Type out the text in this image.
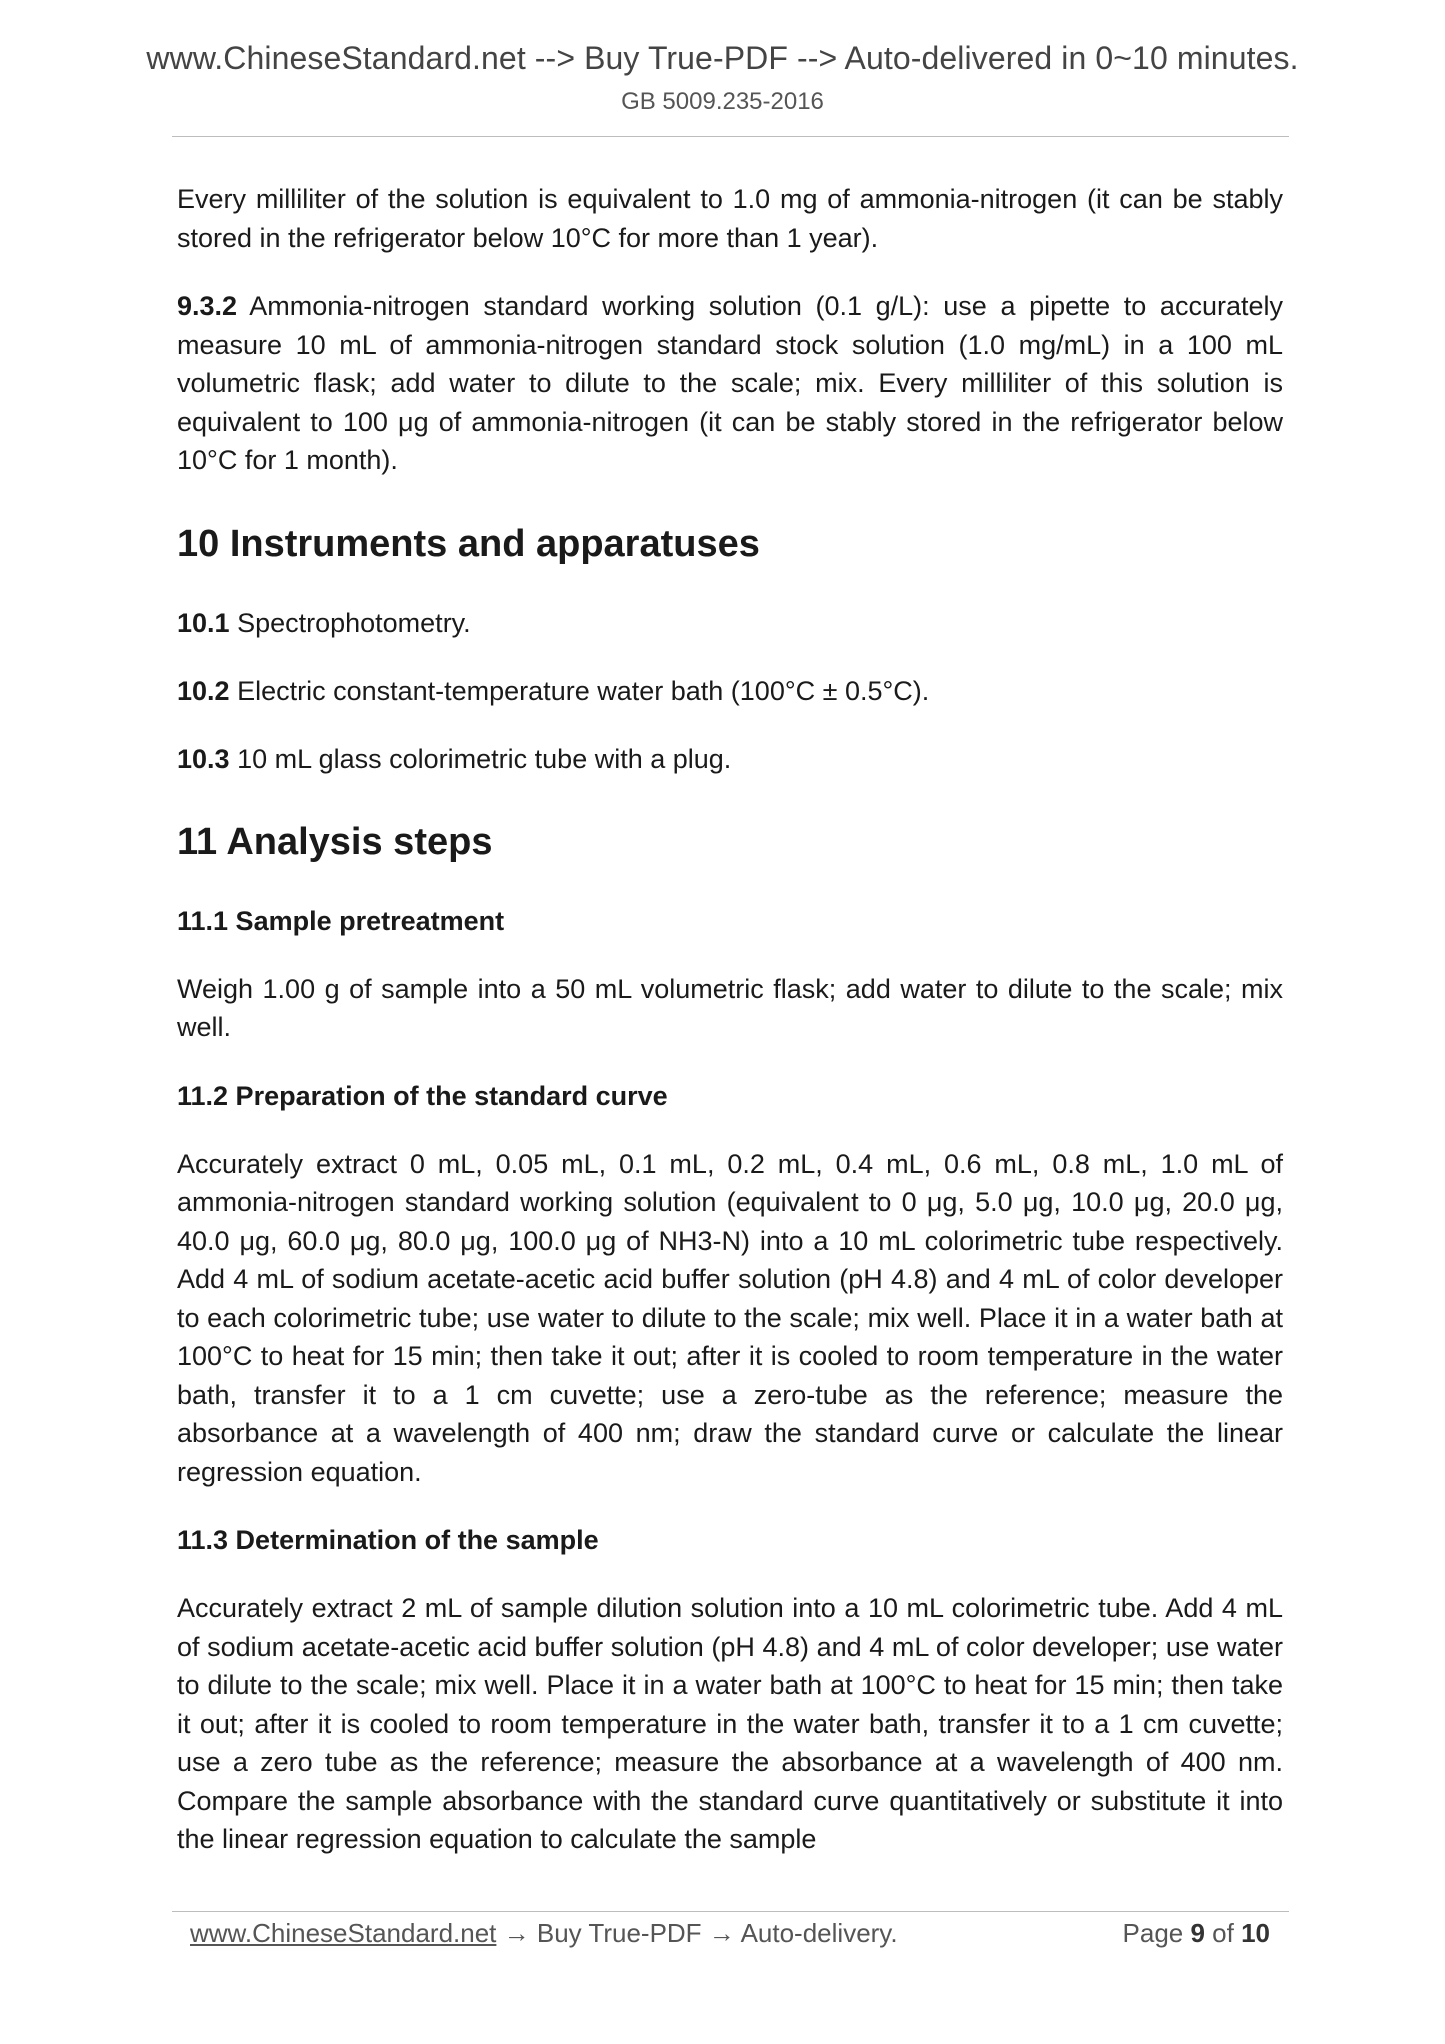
www.ChineseStandard.net --> Buy True-PDF --> Auto-delivered in 0~10 minutes.
GB 5009.235-2016

Every milliliter of the solution is equivalent to 1.0 mg of ammonia-nitrogen (it can be stably stored in the refrigerator below 10°C for more than 1 year).

9.3.2 Ammonia-nitrogen standard working solution (0.1 g/L): use a pipette to accurately measure 10 mL of ammonia-nitrogen standard stock solution (1.0 mg/mL) in a 100 mL volumetric flask; add water to dilute to the scale; mix. Every milliliter of this solution is equivalent to 100 μg of ammonia-nitrogen (it can be stably stored in the refrigerator below 10°C for 1 month).

10 Instruments and apparatuses
10.1 Spectrophotometry.
10.2 Electric constant-temperature water bath (100°C ± 0.5°C).
10.3 10 mL glass colorimetric tube with a plug.
11 Analysis steps
11.1 Sample pretreatment

Weigh 1.00 g of sample into a 50 mL volumetric flask; add water to dilute to the scale; mix well.

11.2 Preparation of the standard curve

Accurately extract 0 mL, 0.05 mL, 0.1 mL, 0.2 mL, 0.4 mL, 0.6 mL, 0.8 mL, 1.0 mL of ammonia-nitrogen standard working solution (equivalent to 0 μg, 5.0 μg, 10.0 μg, 20.0 μg, 40.0 μg, 60.0 μg, 80.0 μg, 100.0 μg of NH3-N) into a 10 mL colorimetric tube respectively. Add 4 mL of sodium acetate-acetic acid buffer solution (pH 4.8) and 4 mL of color developer to each colorimetric tube; use water to dilute to the scale; mix well. Place it in a water bath at 100°C to heat for 15 min; then take it out; after it is cooled to room temperature in the water bath, transfer it to a 1 cm cuvette; use a zero-tube as the reference; measure the absorbance at a wavelength of 400 nm; draw the standard curve or calculate the linear regression equation.

11.3 Determination of the sample

Accurately extract 2 mL of sample dilution solution into a 10 mL colorimetric tube. Add 4 mL of sodium acetate-acetic acid buffer solution (pH 4.8) and 4 mL of color developer; use water to dilute to the scale; mix well. Place it in a water bath at 100°C to heat for 15 min; then take it out; after it is cooled to room temperature in the water bath, transfer it to a 1 cm cuvette; use a zero tube as the reference; measure the absorbance at a wavelength of 400 nm. Compare the sample absorbance with the standard curve quantitatively or substitute it into the linear regression equation to calculate the sample

www.ChineseStandard.net → Buy True-PDF → Auto-delivery.	Page 9 of 10
